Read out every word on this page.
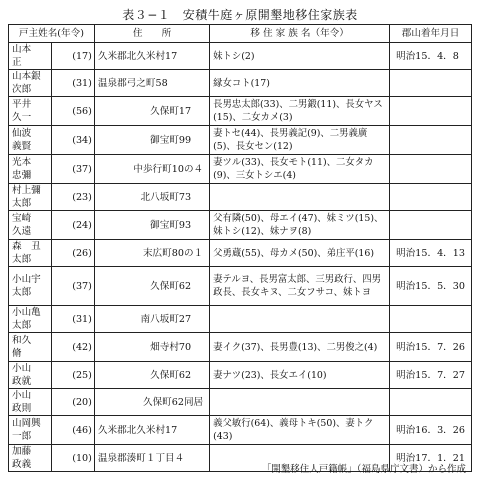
表３−１　安積牛庭ヶ原開墾地移住家族表
戸主姓名(年令)		住　　所	移 住 家 族 名（年令）	郡山着年月日
山本　　正	(17)	久米郡北久米村17	妹トシ(2)	明治15．4．8
山本銀次郎	(31)	温泉郡弓之町58	縁女コト(17)	
平井　久一	(56)	久保町17	長男忠太郎(33)、二男鍛(11)、長女ヤス(15)、二女カメ(3)	
仙波　義賢	(34)	御宝町99	妻トセ(44)、長男義記(9)、二男義廣(5)、長女セン(12)	
光本　忠彌	(37)	中歩行町10の４	妻ツル(33)、長女モト(11)、二女タカ(9)、三女トシエ(4)	
村上彌太郎	(23)	北八坂町73		
宝崎　久遠	(24)	御宝町93	父有隣(50)、母エイ(47)、妹ミツ(15)、妹トシ(12)、妹ナヲ(8)	
森　丑太郎	(26)	末広町80の１	父勇蔵(55)、母カメ(50)、弟庄平(16)	明治15．4．13
小山宇太郎	(37)	久保町62	妻テルヨ、長男富太郎、三男政行、四男政長、長女キヌ、二女フサコ、妹トヨ	明治15．5．30
小山亀太郎	(31)	南八坂町27		
和久　　脩	(42)	畑寺村70	妻イク(37)、長男豊(13)、二男俊之(4)	明治15．7．26
小山　政就	(25)	久保町62	妻ナツ(23)、長女エイ(10)	明治15．7．27
小山　政則	(20)	久保町62同居		
山岡興一郎	(46)	久米郡北久米村17	義父敏行(64)、義母トキ(50)、妻トク(43)	明治16．3．26
加藤　政義	(10)	温泉郡湊町１丁目４		明治17．1．21
「開墾移住人戸籍帳」（福島県庁文書）から作成
